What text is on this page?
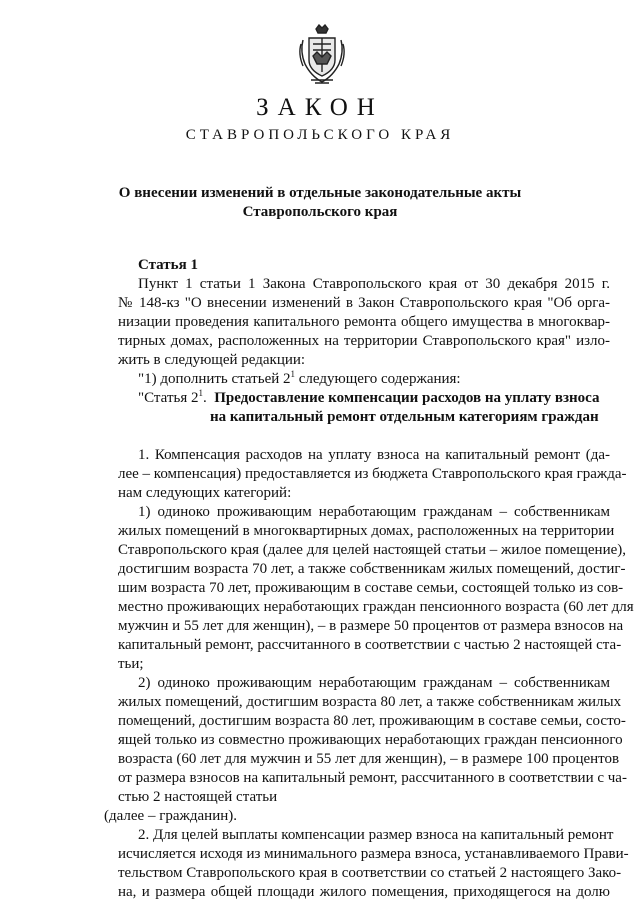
ЗАКОН
СТАВРОПОЛЬСКОГО КРАЯ
О внесении изменений в отдельные законодательные акты
Ставропольского края
Статья 1
Пункт 1 статьи 1 Закона Ставропольского края от 30 декабря 2015 г.
№ 148-кз "О внесении изменений в Закон Ставропольского края "Об орга-
низации проведения капитального ремонта общего имущества в многоквар-
тирных домах, расположенных на территории Ставропольского края" изло-
жить в следующей редакции:
"1) дополнить статьей $2^1$ следующего содержания:
"Статья $2^1$. Предоставление компенсации расходов на уплату взноса
на капитальный ремонт отдельным категориям граждан
1. Компенсация расходов на уплату взноса на капитальный ремонт (да-
лее – компенсация) предоставляется из бюджета Ставропольского края гражда-
нам следующих категорий:
1) одиноко проживающим неработающим гражданам – собственникам
жилых помещений в многоквартирных домах, расположенных на территории
Ставропольского края (далее для целей настоящей статьи – жилое помещение),
достигшим возраста 70 лет, а также собственникам жилых помещений, достиг-
шим возраста 70 лет, проживающим в составе семьи, состоящей только из сов-
местно проживающих неработающих граждан пенсионного возраста (60 лет для
мужчин и 55 лет для женщин), – в размере 50 процентов от размера взносов на
капитальный ремонт, рассчитанного в соответствии с частью 2 настоящей ста-
тьи;
2) одиноко проживающим неработающим гражданам – собственникам
жилых помещений, достигшим возраста 80 лет, а также собственникам жилых
помещений, достигшим возраста 80 лет, проживающим в составе семьи, состо-
ящей только из совместно проживающих неработающих граждан пенсионного
возраста (60 лет для мужчин и 55 лет для женщин), – в размере 100 процентов
от размера взносов на капитальный ремонт, рассчитанного в соответствии с ча-
стью 2 настоящей статьи
(далее – гражданин).
2. Для целей выплаты компенсации размер взноса на капитальный ремонт
исчисляется исходя из минимального размера взноса, устанавливаемого Прави-
тельством Ставропольского края в соответствии со статьей 2 настоящего Зако-
на, и размера общей площади жилого помещения, приходящегося на долю
